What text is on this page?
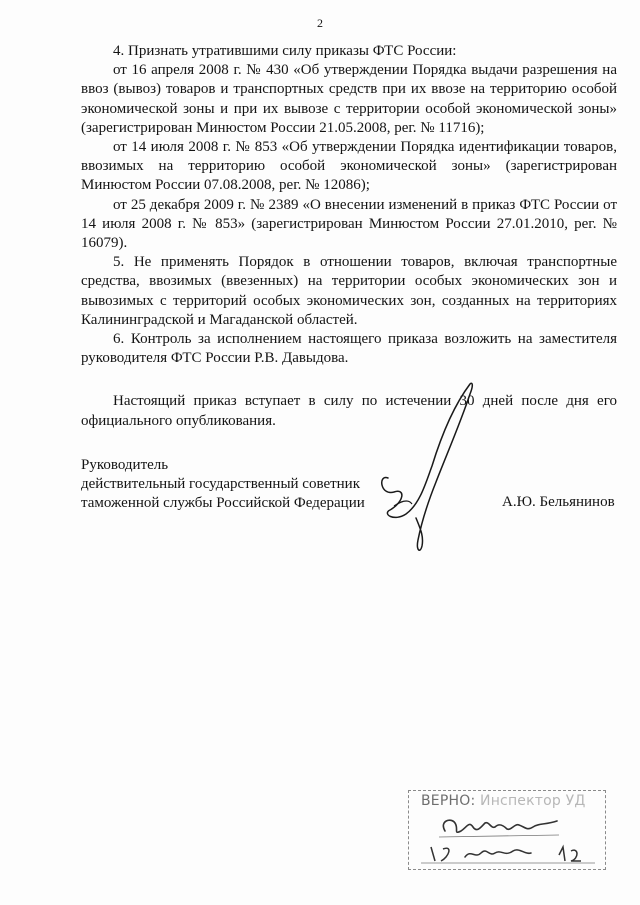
2

4. Признать утратившими силу приказы ФТС России:

от 16 апреля 2008 г. № 430 «Об утверждении Порядка выдачи разрешения на ввоз (вывоз) товаров и транспортных средств при их ввозе на территорию особой экономической зоны и при их вывозе с территории особой экономической зоны» (зарегистрирован Минюстом России 21.05.2008, рег. № 11716);

от 14 июля 2008 г. № 853 «Об утверждении Порядка идентификации товаров, ввозимых на территорию особой экономической зоны» (зарегистрирован Минюстом России 07.08.2008, рег. № 12086);

от 25 декабря 2009 г. № 2389 «О внесении изменений в приказ ФТС России от 14 июля 2008 г. № 853» (зарегистрирован Минюстом России 27.01.2010, рег. № 16079).

5. Не применять Порядок в отношении товаров, включая транспортные средства, ввозимых (ввезенных) на территории особых экономических зон и вывозимых с территорий особых экономических зон, созданных на территориях Калининградской и Магаданской областей.

6. Контроль за исполнением настоящего приказа возложить на заместителя руководителя ФТС России Р.В. Давыдова.

Настоящий приказ вступает в силу по истечении 30 дней после дня его официального опубликования.

Руководитель
действительный государственный советник
таможенной службы Российской Федерации	А.Ю. Бельянинов
ВЕРНО: Инспектор УД
